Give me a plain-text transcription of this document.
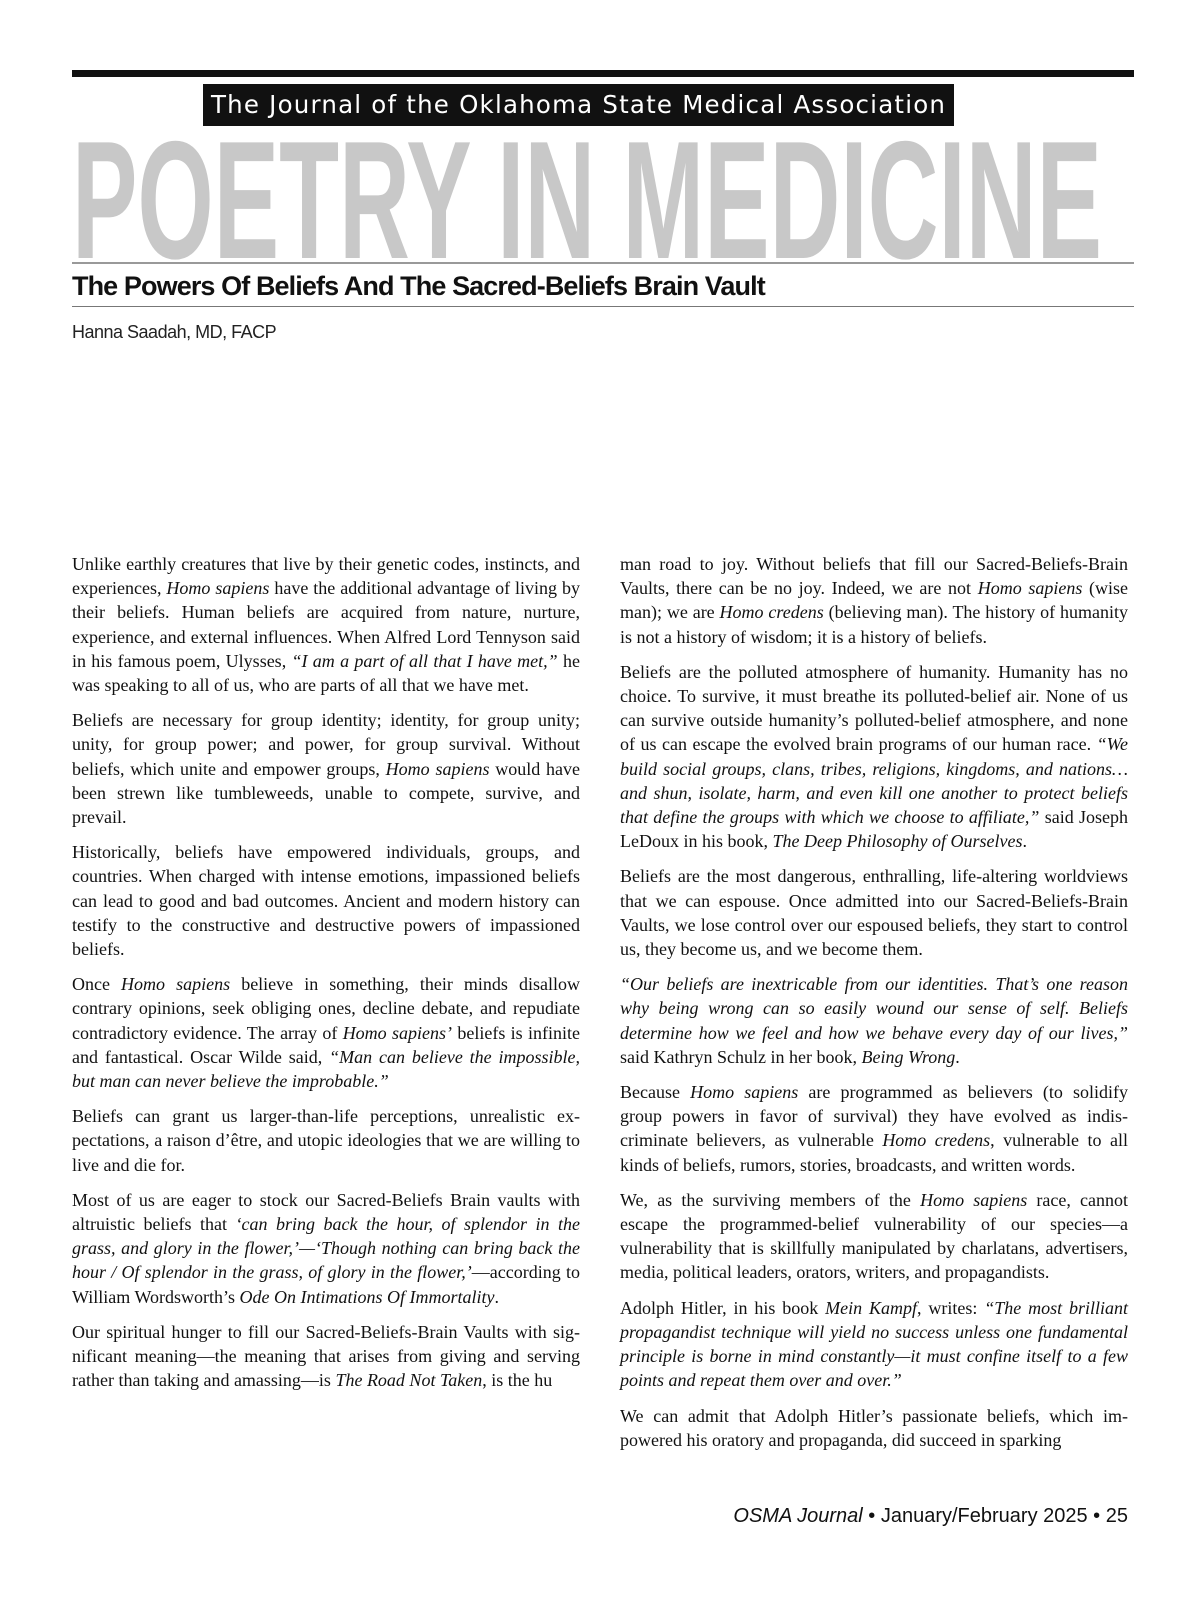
The Journal of the Oklahoma State Medical Association
POETRY IN MEDICINE
The Powers Of Beliefs And The Sacred-Beliefs Brain Vault
Hanna Saadah, MD, FACP

Unlike earthly creatures that live by their genetic codes, instincts, and experiences, Homo sapiens have the additional advantage of living by their beliefs. Human beliefs are acquired from nature, nurture, experience, and external influences. When Alfred Lord Tennyson said in his famous poem, Ulysses, “I am a part of all that I have met,” he was speaking to all of us, who are parts of all that we have met.

Beliefs are necessary for group identity; identity, for group unity; unity, for group power; and power, for group survival. Without beliefs, which unite and empower groups, Homo sapiens would have been strewn like tumbleweeds, unable to compete, survive, and prevail.

Historically, beliefs have empowered individuals, groups, and countries. When charged with intense emotions, impassioned beliefs can lead to good and bad outcomes. Ancient and modern history can testify to the constructive and destructive powers of impassioned beliefs.

Once Homo sapiens believe in something, their minds disallow contrary opinions, seek obliging ones, decline debate, and repudiate contradictory evidence. The array of Homo sapiens’ beliefs is infinite and fantastical. Oscar Wilde said, “Man can believe the impossible, but man can never believe the improbable.”

Beliefs can grant us larger-than-life perceptions, unrealistic expectations, a raison d’être, and utopic ideologies that we are willing to live and die for.

Most of us are eager to stock our Sacred-Beliefs Brain vaults with altruistic beliefs that ‘can bring back the hour, of splendor in the grass, and glory in the flower,’—‘Though nothing can bring back the hour / Of splendor in the grass, of glory in the flower,’—according to William Wordsworth’s Ode On Intimations Of Immortality.

Our spiritual hunger to fill our Sacred-Beliefs-Brain Vaults with significant meaning—the meaning that arises from giving and serving rather than taking and amassing—is The Road Not Taken, is the hu

man road to joy. Without beliefs that fill our Sacred-Beliefs-Brain Vaults, there can be no joy. Indeed, we are not Homo sapiens (wise man); we are Homo credens (believing man). The history of humanity is not a history of wisdom; it is a history of beliefs.

Beliefs are the polluted atmosphere of humanity. Humanity has no choice. To survive, it must breathe its polluted-belief air. None of us can survive outside humanity’s polluted-belief atmosphere, and none of us can escape the evolved brain programs of our human race. “We build social groups, clans, tribes, religions, kingdoms, and nations…and shun, isolate, harm, and even kill one another to protect beliefs that define the groups with which we choose to affiliate,” said Joseph LeDoux in his book, The Deep Philosophy of Ourselves.

Beliefs are the most dangerous, enthralling, life-altering worldviews that we can espouse. Once admitted into our Sacred-Beliefs-Brain Vaults, we lose control over our espoused beliefs, they start to control us, they become us, and we become them.

“Our beliefs are inextricable from our identities. That’s one reason why being wrong can so easily wound our sense of self. Beliefs determine how we feel and how we behave every day of our lives,” said Kathryn Schulz in her book, Being Wrong.

Because Homo sapiens are programmed as believers (to solidify group powers in favor of survival) they have evolved as indiscriminate believers, as vulnerable Homo credens, vulnerable to all kinds of beliefs, rumors, stories, broadcasts, and written words.

We, as the surviving members of the Homo sapiens race, cannot escape the programmed-belief vulnerability of our species—a vulnerability that is skillfully manipulated by charlatans, advertisers, media, political leaders, orators, writers, and propagandists.

Adolph Hitler, in his book Mein Kampf, writes: “The most brilliant propagandist technique will yield no success unless one fundamental principle is borne in mind constantly—it must confine itself to a few points and repeat them over and over.”

We can admit that Adolph Hitler’s passionate beliefs, which impowered his oratory and propaganda, did succeed in sparking

OSMA Journal • January/February 2025 • 25
